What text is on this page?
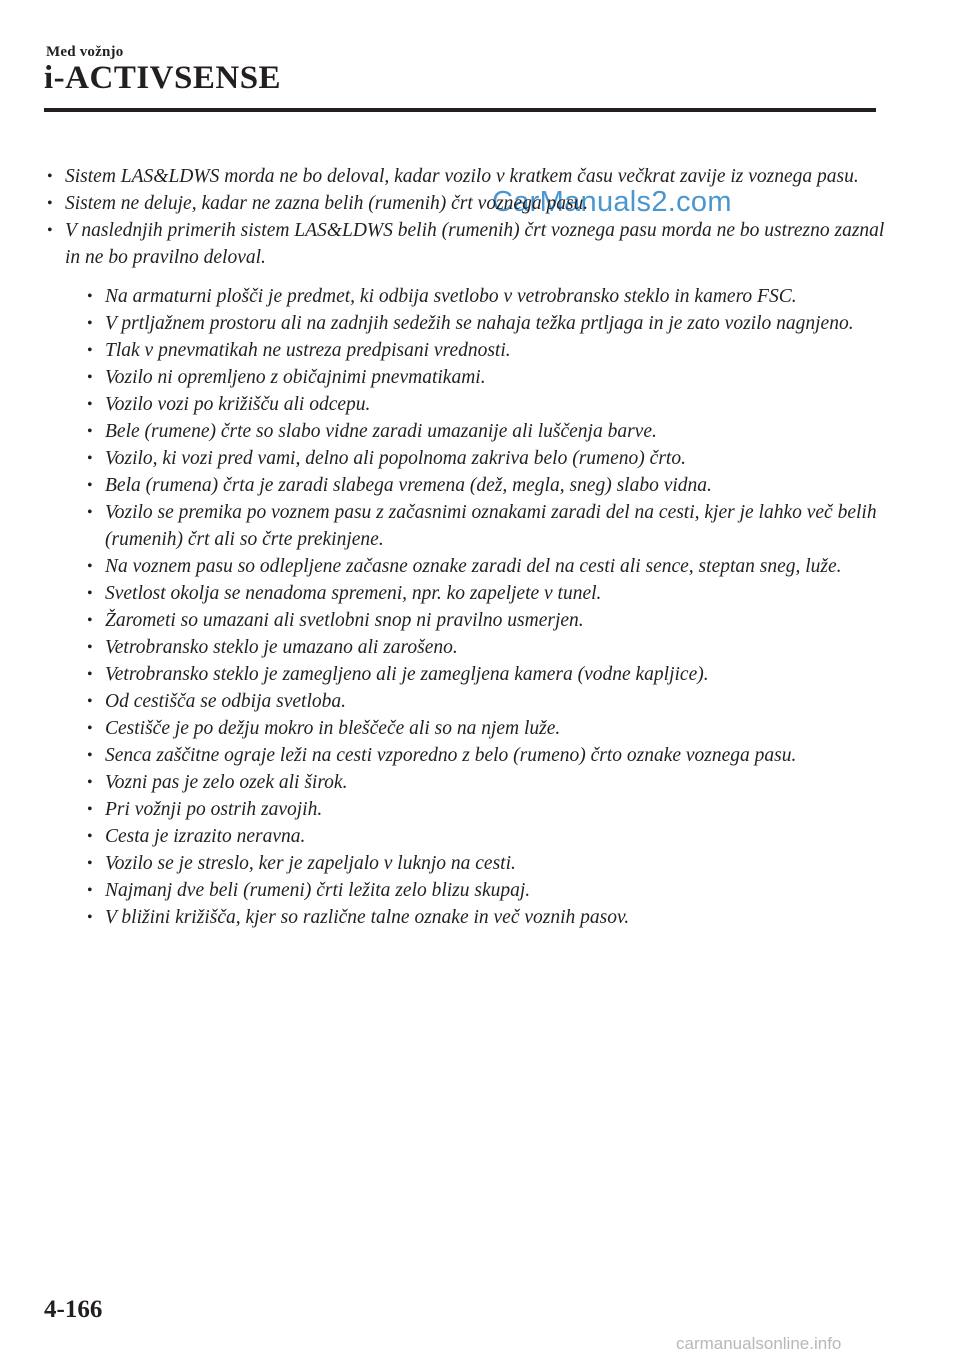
Med vožnjo
i-ACTIVSENSE
CarManuals2.com
• Sistem LAS&LDWS morda ne bo deloval, kadar vozilo v kratkem času večkrat zavije iz voznega pasu.
• Sistem ne deluje, kadar ne zazna belih (rumenih) črt voznega pasu.
• V naslednjih primerih sistem LAS&LDWS belih (rumenih) črt voznega pasu morda ne bo ustrezno zaznal in ne bo pravilno deloval.
• Na armaturni plošči je predmet, ki odbija svetlobo v vetrobransko steklo in kamero FSC.
• V prtljažnem prostoru ali na zadnjih sedežih se nahaja težka prtljaga in je zato vozilo nagnjeno.
• Tlak v pnevmatikah ne ustreza predpisani vrednosti.
• Vozilo ni opremljeno z običajnimi pnevmatikami.
• Vozilo vozi po križišču ali odcepu.
• Bele (rumene) črte so slabo vidne zaradi umazanije ali luščenja barve.
• Vozilo, ki vozi pred vami, delno ali popolnoma zakriva belo (rumeno) črto.
• Bela (rumena) črta je zaradi slabega vremena (dež, megla, sneg) slabo vidna.
• Vozilo se premika po voznem pasu z začasnimi oznakami zaradi del na cesti, kjer je lahko več belih (rumenih) črt ali so črte prekinjene.
• Na voznem pasu so odlepljene začasne oznake zaradi del na cesti ali sence, steptan sneg, luže.
• Svetlost okolja se nenadoma spremeni, npr. ko zapeljete v tunel.
• Žarometi so umazani ali svetlobni snop ni pravilno usmerjen.
• Vetrobransko steklo je umazano ali zarošeno.
• Vetrobransko steklo je zamegljeno ali je zamegljena kamera (vodne kapljice).
• Od cestišča se odbija svetloba.
• Cestišče je po dežju mokro in bleščeče ali so na njem luže.
• Senca zaščitne ograje leži na cesti vzporedno z belo (rumeno) črto oznake voznega pasu.
• Vozni pas je zelo ozek ali širok.
• Pri vožnji po ostrih zavojih.
• Cesta je izrazito neravna.
• Vozilo se je streslo, ker je zapeljalo v luknjo na cesti.
• Najmanj dve beli (rumeni) črti ležita zelo blizu skupaj.
• V bližini križišča, kjer so različne talne oznake in več voznih pasov.
4-166
carmanualsonline.info
